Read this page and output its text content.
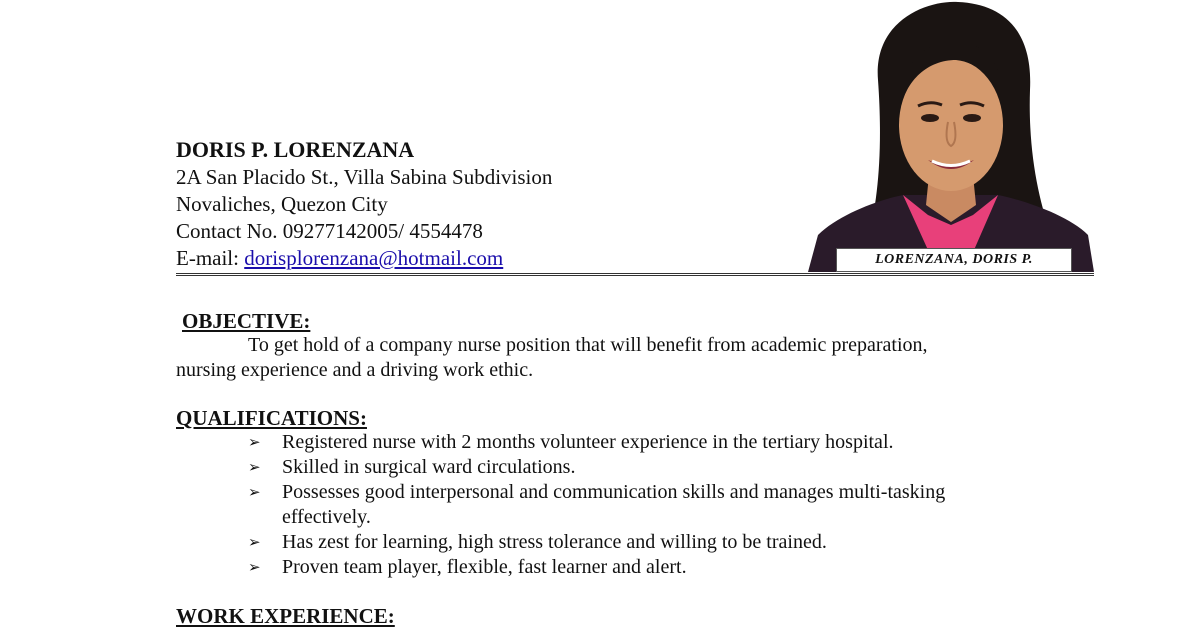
DORIS P. LORENZANA

2A San Placido St., Villa Sabina Subdivision

Novaliches, Quezon City

Contact No. 09277142005/ 4554478

E-mail: dorisplorenzana@hotmail.com	LORENZANA, DORIS P.

OBJECTIVE:

To get hold of a company nurse position that will benefit from academic preparation,

nursing experience and a driving work ethic.

QUALIFICATIONS:

➢ Registered nurse with 2 months volunteer experience in the tertiary hospital.
➢ Skilled in surgical ward circulations.
➢ Possesses good interpersonal and communication skills and manages multi-tasking effectively.
➢ Has zest for learning, high stress tolerance and willing to be trained.
➢ Proven team player, flexible, fast learner and alert.

WORK EXPERIENCE:
